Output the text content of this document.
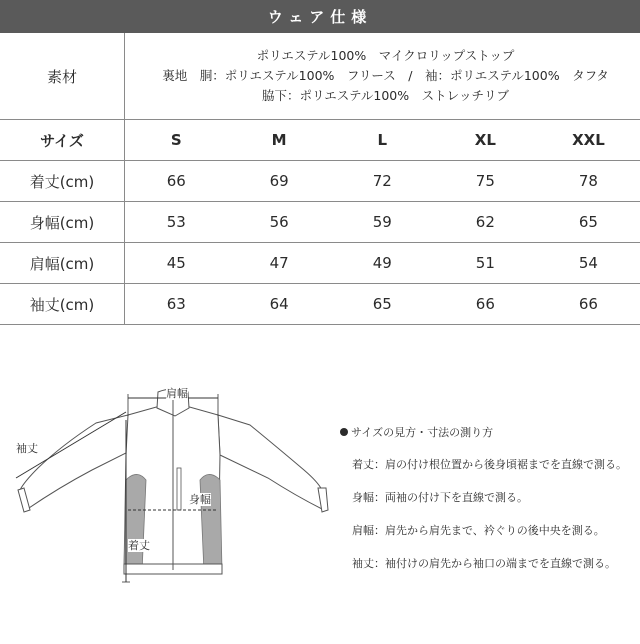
ウェア仕様
素材	ポリエステル100%　マイクロリップストップ
裏地　胴：ポリエステル100%　フリース　/　袖：ポリエステル100%　タフタ
脇下：ポリエステル100%　ストレッチリブ				

サイズ	S	M	L	XL	XXL
着丈(cm)	66	69	72	75	78
身幅(cm)	53	56	59	62	65
肩幅(cm)	45	47	49	51	54
袖丈(cm)	63	64	65	66	66
肩幅
袖丈
身幅
着丈
サイズの見方・寸法の測り方
着丈：肩の付け根位置から後身頃裾までを直線で測る。
身幅：両袖の付け下を直線で測る。
肩幅：肩先から肩先まで、衿ぐりの後中央を測る。
袖丈：袖付けの肩先から袖口の端までを直線で測る。
